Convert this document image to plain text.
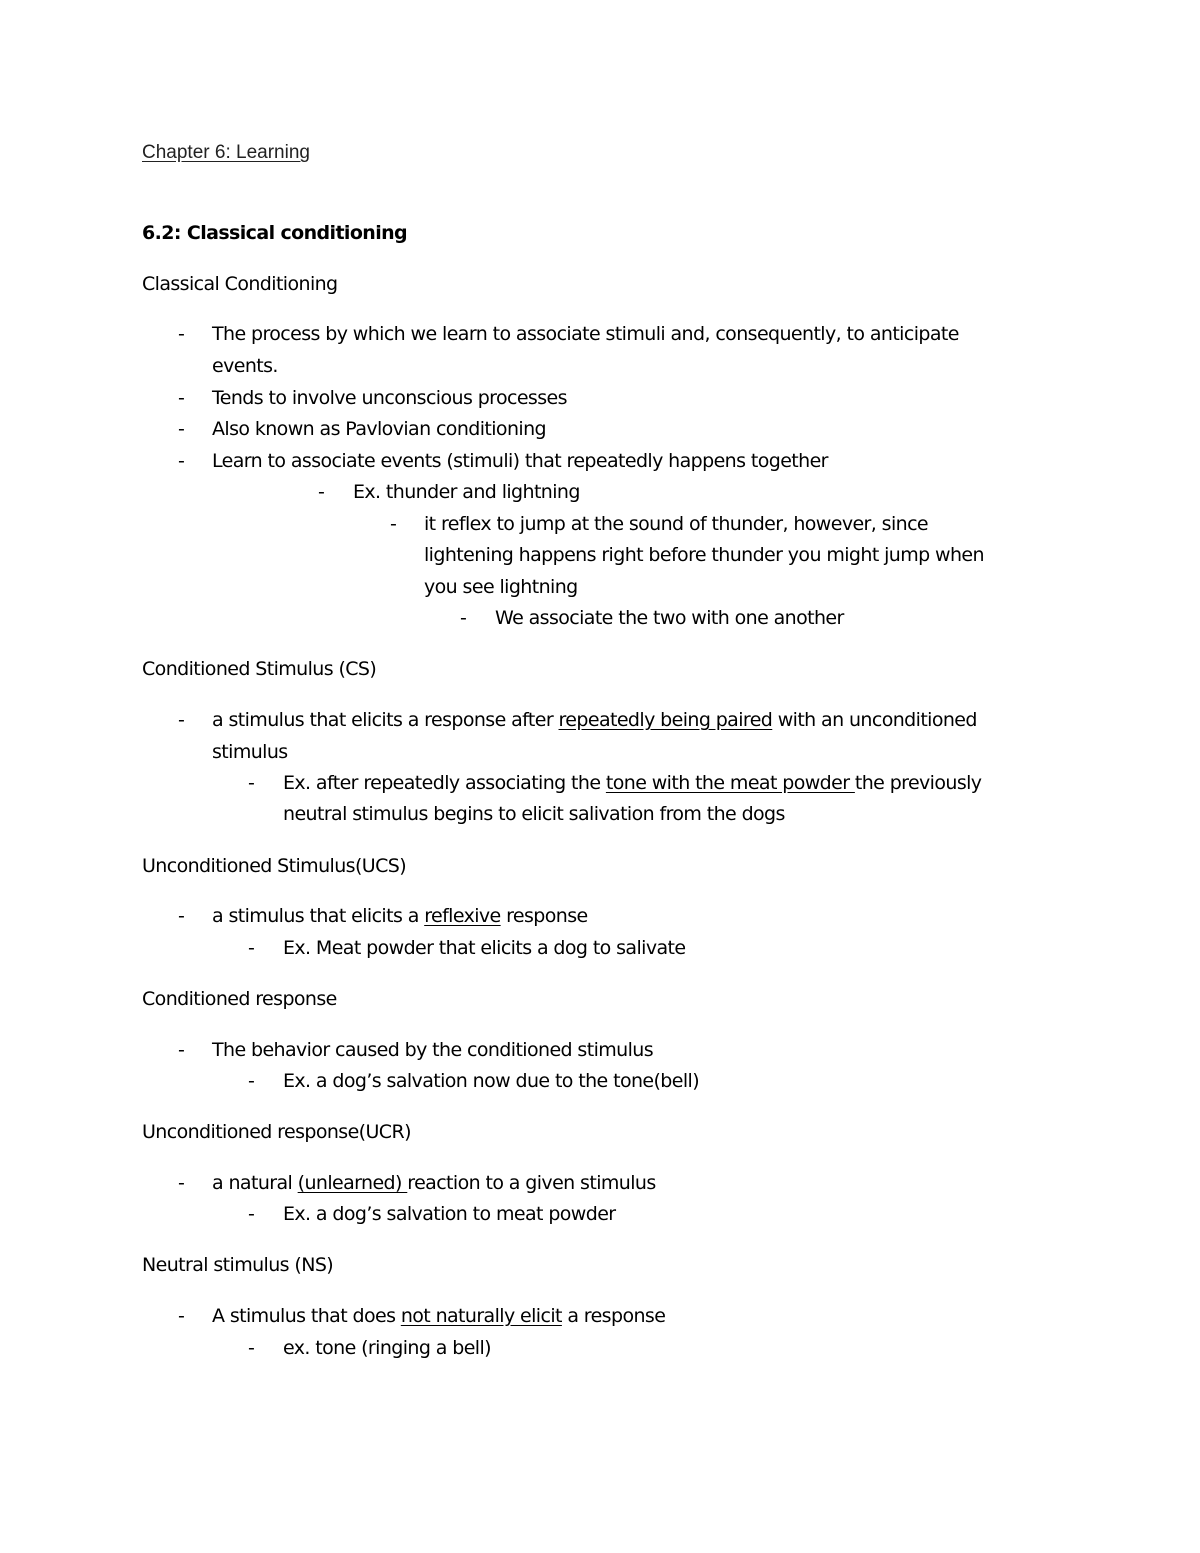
Chapter 6: Learning
6.2: Classical conditioning
Classical Conditioning
- The process by which we learn to associate stimuli and, consequently, to anticipate
events.
- Tends to involve unconscious processes
- Also known as Pavlovian conditioning
- Learn to associate events (stimuli) that repeatedly happens together
- Ex. thunder and lightning
- it reflex to jump at the sound of thunder, however, since
lightening happens right before thunder you might jump when
you see lightning
- We associate the two with one another
Conditioned Stimulus (CS)
- a stimulus that elicits a response after repeatedly being paired with an unconditioned
stimulus
- Ex. after repeatedly associating the tone with the meat powder the previously
neutral stimulus begins to elicit salivation from the dogs
Unconditioned Stimulus(UCS)
- a stimulus that elicits a reflexive response
- Ex. Meat powder that elicits a dog to salivate
Conditioned response
- The behavior caused by the conditioned stimulus
- Ex. a dog’s salvation now due to the tone(bell)
Unconditioned response(UCR)
- a natural (unlearned) reaction to a given stimulus
- Ex. a dog’s salvation to meat powder
Neutral stimulus (NS)
- A stimulus that does not naturally elicit a response
- ex. tone (ringing a bell)
